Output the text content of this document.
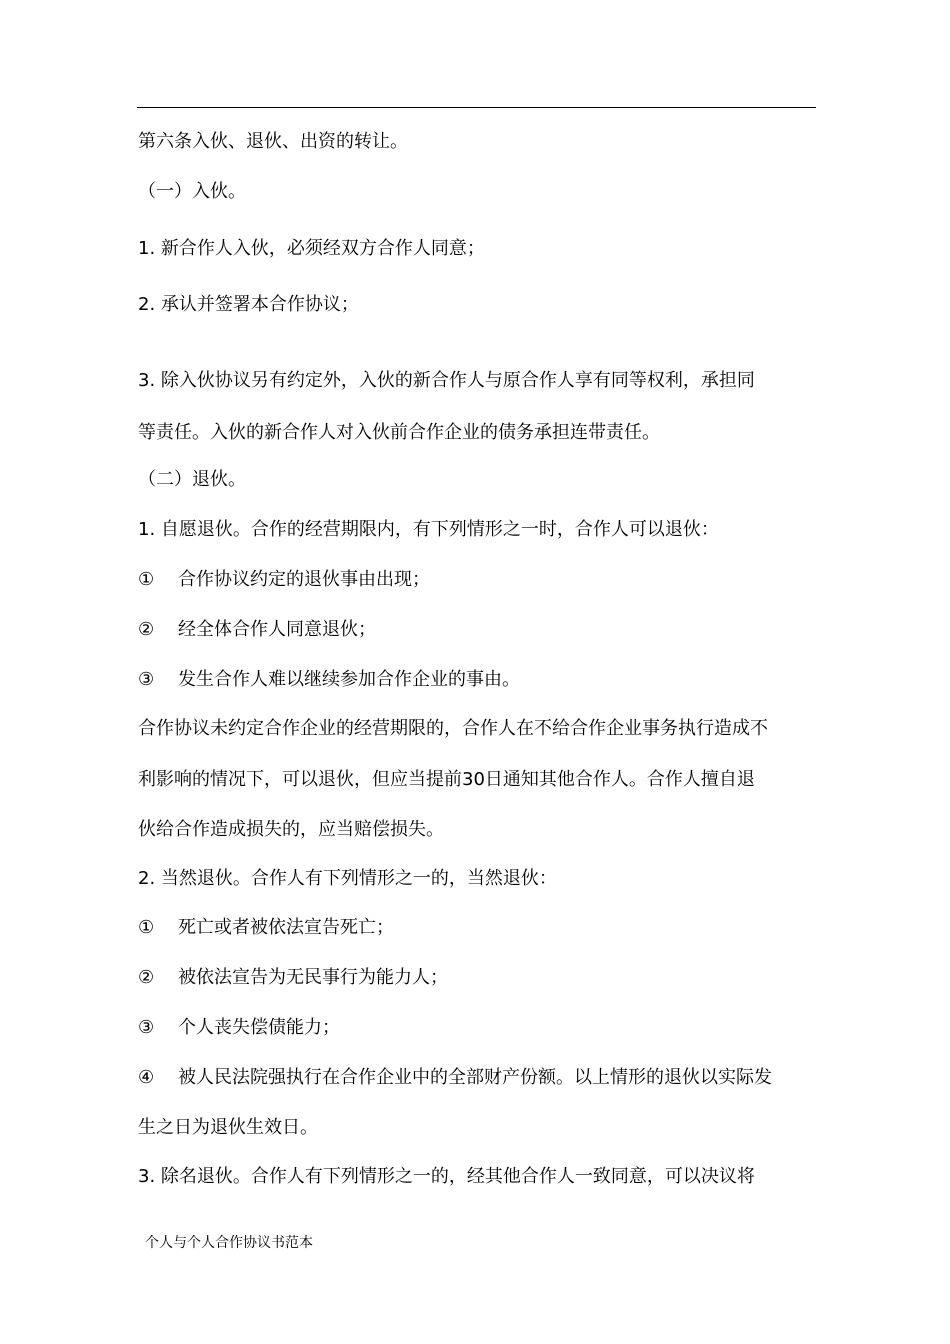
第六条入伙、退伙、出资的转让。
（一）入伙。
1. 新合作人入伙，必须经双方合作人同意；
2. 承认并签署本合作协议；
3. 除入伙协议另有约定外，入伙的新合作人与原合作人享有同等权利，承担同
等责任。入伙的新合作人对入伙前合作企业的债务承担连带责任。
（二）退伙。
1. 自愿退伙。合作的经营期限内，有下列情形之一时，合作人可以退伙：
① 合作协议约定的退伙事由出现；
② 经全体合作人同意退伙；
③ 发生合作人难以继续参加合作企业的事由。
合作协议未约定合作企业的经营期限的，合作人在不给合作企业事务执行造成不
利影响的情况下，可以退伙，但应当提前30日通知其他合作人。合作人擅自退
伙给合作造成损失的，应当赔偿损失。
2. 当然退伙。合作人有下列情形之一的，当然退伙：
① 死亡或者被依法宣告死亡；
② 被依法宣告为无民事行为能力人；
③ 个人丧失偿债能力；
④ 被人民法院强执行在合作企业中的全部财产份额。以上情形的退伙以实际发
生之日为退伙生效日。
3. 除名退伙。合作人有下列情形之一的，经其他合作人一致同意，可以决议将
个人与个人合作协议书范本
